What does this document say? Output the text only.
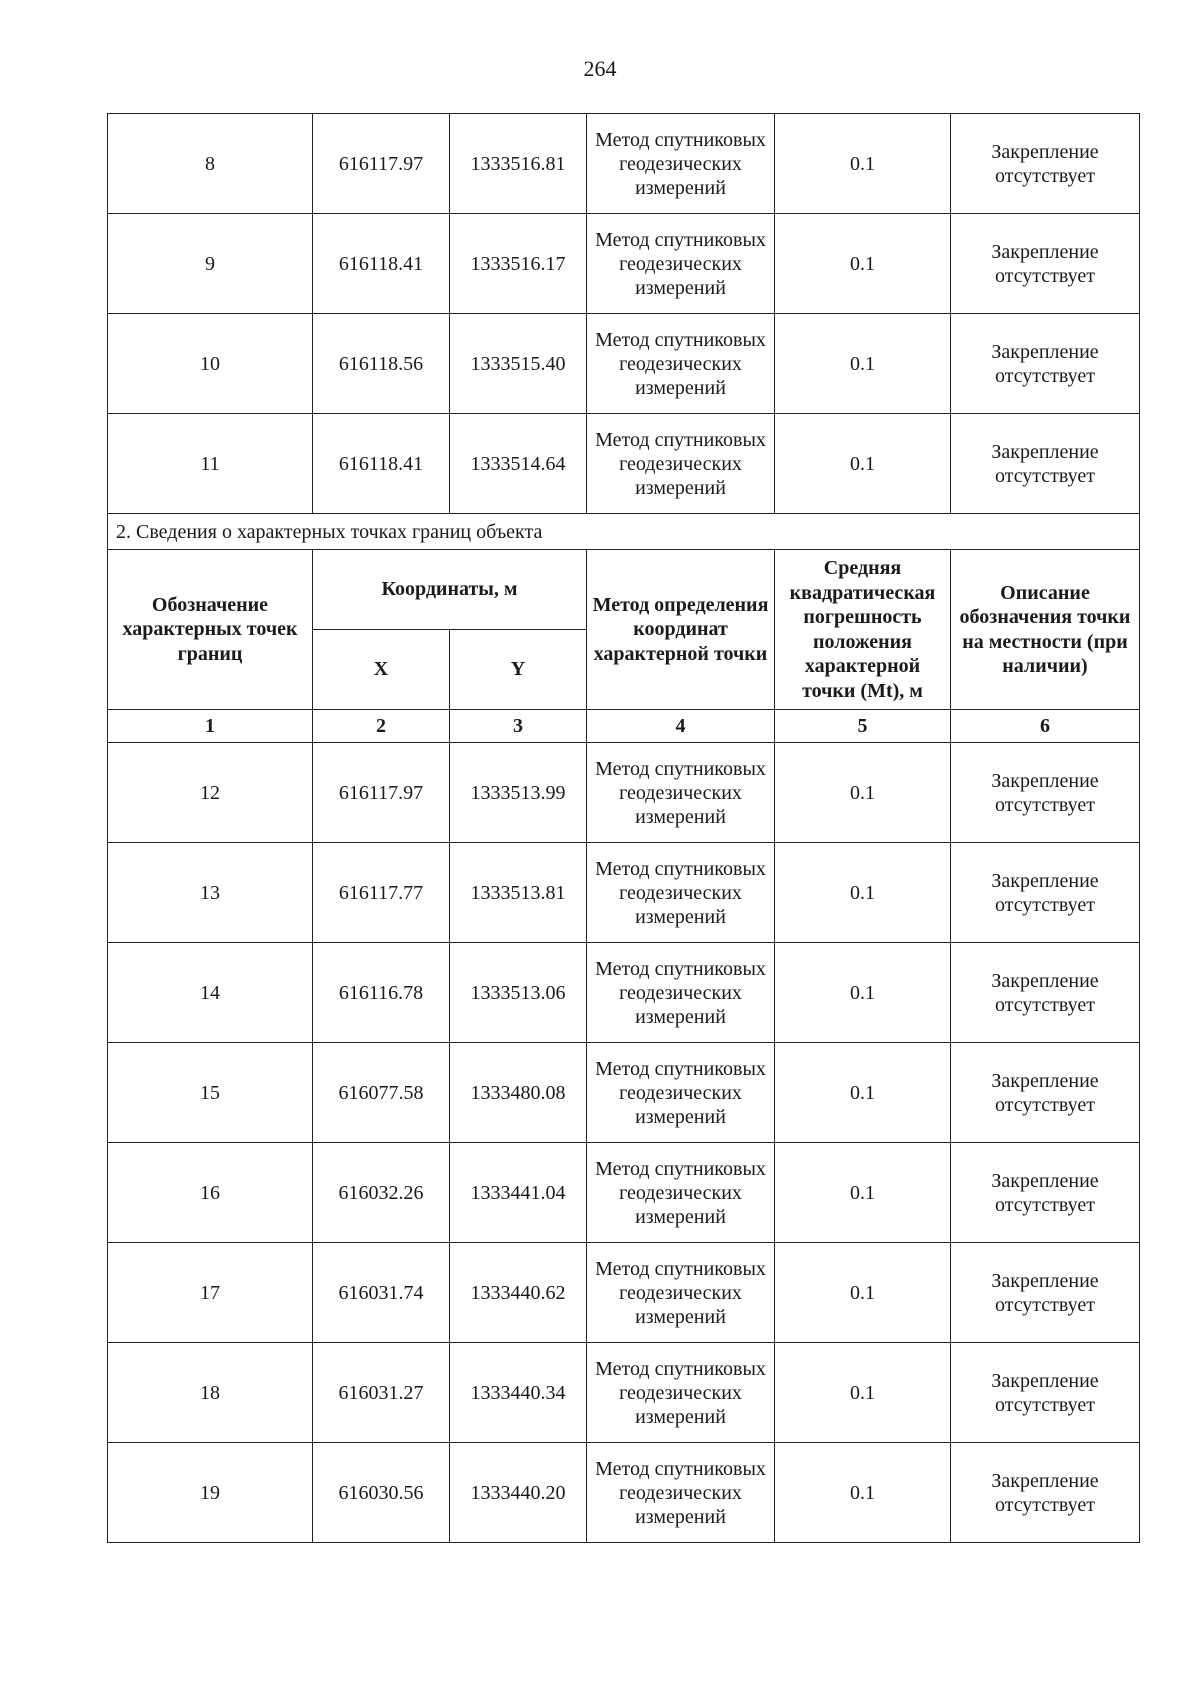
264
8	616117.97	1333516.81	Метод спутниковых геодезических измерений	0.1	Закрепление отсутствует
9	616118.41	1333516.17	Метод спутниковых геодезических измерений	0.1	Закрепление отсутствует
10	616118.56	1333515.40	Метод спутниковых геодезических измерений	0.1	Закрепление отсутствует
11	616118.41	1333514.64	Метод спутниковых геодезических измерений	0.1	Закрепление отсутствует
2. Сведения о характерных точках границ объекта					
Обозначение характерных точек границ	Координаты, м		Метод определения координат характерной точки	Средняя квадратическая погрешность положения характерной точки (Mt), м	Описание обозначения точки на местности (при наличии)
	X	Y			
1	2	3	4	5	6
12	616117.97	1333513.99	Метод спутниковых геодезических измерений	0.1	Закрепление отсутствует
13	616117.77	1333513.81	Метод спутниковых геодезических измерений	0.1	Закрепление отсутствует
14	616116.78	1333513.06	Метод спутниковых геодезических измерений	0.1	Закрепление отсутствует
15	616077.58	1333480.08	Метод спутниковых геодезических измерений	0.1	Закрепление отсутствует
16	616032.26	1333441.04	Метод спутниковых геодезических измерений	0.1	Закрепление отсутствует
17	616031.74	1333440.62	Метод спутниковых геодезических измерений	0.1	Закрепление отсутствует
18	616031.27	1333440.34	Метод спутниковых геодезических измерений	0.1	Закрепление отсутствует
19	616030.56	1333440.20	Метод спутниковых геодезических измерений	0.1	Закрепление отсутствует
